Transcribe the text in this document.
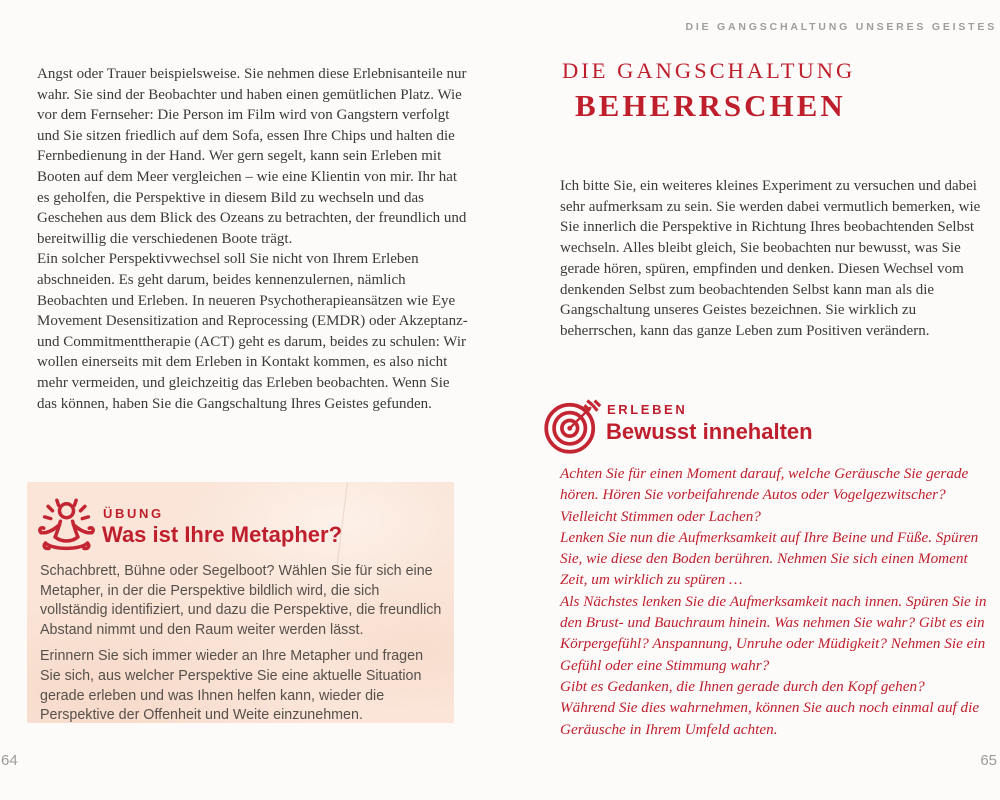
Angst oder Trauer beispielsweise. Sie nehmen diese Erlebnisanteile nur wahr. Sie sind der Beobachter und haben einen gemütlichen Platz. Wie vor dem Fernseher: Die Person im Film wird von Gangstern verfolgt und Sie sitzen friedlich auf dem Sofa, essen Ihre Chips und halten die Fernbedienung in der Hand. Wer gern segelt, kann sein Erleben mit Booten auf dem Meer vergleichen – wie eine Klientin von mir. Ihr hat es geholfen, die Perspektive in diesem Bild zu wechseln und das Geschehen aus dem Blick des Ozeans zu betrachten, der freundlich und bereitwillig die verschiedenen Boote trägt.

Ein solcher Perspektivwechsel soll Sie nicht von Ihrem Erleben abschneiden. Es geht darum, beides kennenzulernen, nämlich Beobachten und Erleben. In neueren Psychotherapieansätzen wie Eye Movement Desensitization and Reprocessing (EMDR) oder Akzeptanz- und Commitmenttherapie (ACT) geht es darum, beides zu schulen: Wir wollen einerseits mit dem Erleben in Kontakt kommen, es also nicht mehr vermeiden, und gleichzeitig das Erleben beobachten. Wenn Sie das können, haben Sie die Gangschaltung Ihres Geistes gefunden.

ÜBUNG
Was ist Ihre Metapher?

Schachbrett, Bühne oder Segelboot? Wählen Sie für sich eine Metapher, in der die Perspektive bildlich wird, die sich vollständig identifiziert, und dazu die Perspektive, die freundlich Abstand nimmt und den Raum weiter werden lässt.

Erinnern Sie sich immer wieder an Ihre Metapher und fragen Sie sich, aus welcher Perspektive Sie eine aktuelle Situation gerade erleben und was Ihnen helfen kann, wieder die Perspektive der Offenheit und Weite einzunehmen.

64
DIE GANGSCHALTUNG UNSERES GEISTES
DIE GANGSCHALTUNG
BEHERRSCHEN

Ich bitte Sie, ein weiteres kleines Experiment zu versuchen und dabei sehr aufmerksam zu sein. Sie werden dabei vermutlich bemerken, wie Sie innerlich die Perspektive in Richtung Ihres beobachtenden Selbst wechseln. Alles bleibt gleich, Sie beobachten nur bewusst, was Sie gerade hören, spüren, empfinden und denken. Diesen Wechsel vom denkenden Selbst zum beobachtenden Selbst kann man als die Gangschaltung unseres Geistes bezeichnen. Sie wirklich zu beherrschen, kann das ganze Leben zum Positiven verändern.

ERLEBEN
Bewusst innehalten

Achten Sie für einen Moment darauf, welche Geräusche Sie gerade hören. Hören Sie vorbeifahrende Autos oder Vogelgezwitscher? Vielleicht Stimmen oder Lachen?

Lenken Sie nun die Aufmerksamkeit auf Ihre Beine und Füße. Spüren Sie, wie diese den Boden berühren. Nehmen Sie sich einen Moment Zeit, um wirklich zu spüren …

Als Nächstes lenken Sie die Aufmerksamkeit nach innen. Spüren Sie in den Brust- und Bauchraum hinein. Was nehmen Sie wahr? Gibt es ein Körpergefühl? Anspannung, Unruhe oder Müdigkeit? Nehmen Sie ein Gefühl oder eine Stimmung wahr?

Gibt es Gedanken, die Ihnen gerade durch den Kopf gehen?

Während Sie dies wahrnehmen, können Sie auch noch einmal auf die Geräusche in Ihrem Umfeld achten.

65
